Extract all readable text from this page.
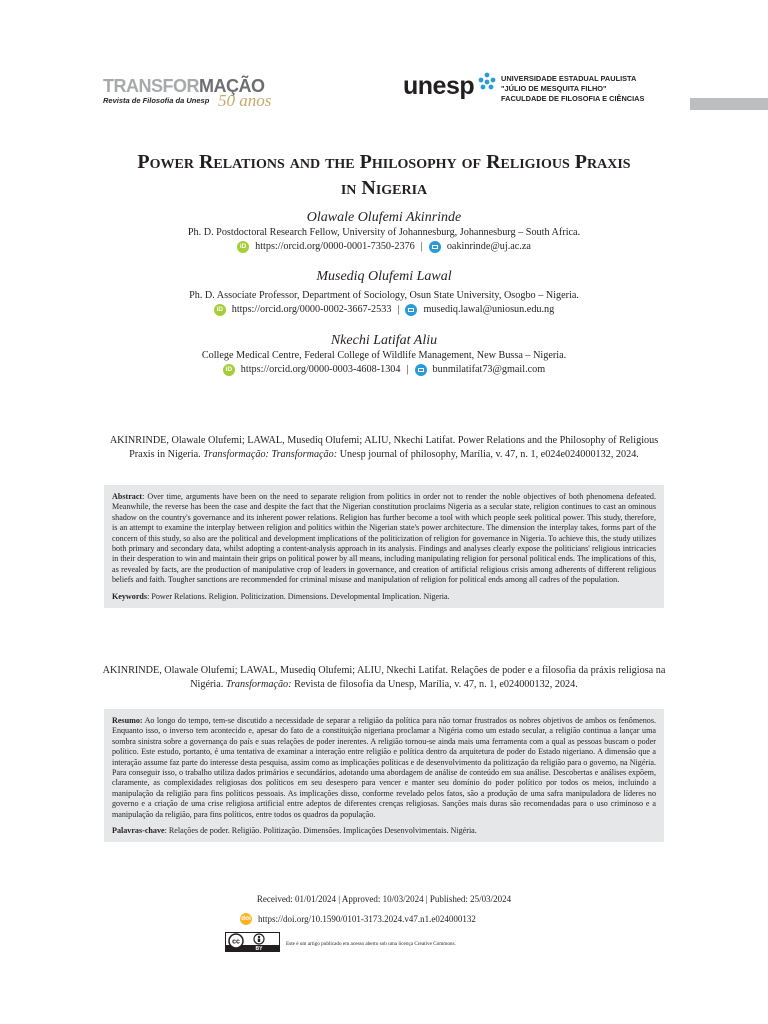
TRANSFORMAÇÃO
Revista de Filosofia da Unesp 50 anos
unesp	UNIVERSIDADE ESTADUAL PAULISTA
"JÚLIO DE MESQUITA FILHO"
FACULDADE DE FILOSOFIA E CIÊNCIAS
Power Relations and the Philosophy of Religious Praxis
in Nigeria
Olawale Olufemi Akinrinde
Ph. D. Postdoctoral Research Fellow, University of Johannesburg, Johannesburg – South Africa.
iD https://orcid.org/0000-0001-7350-2376 | oakinrinde@uj.ac.za
Musediq Olufemi Lawal
Ph. D. Associate Professor, Department of Sociology, Osun State University, Osogbo – Nigeria.
iD https://orcid.org/0000-0002-3667-2533 | musediq.lawal@uniosun.edu.ng
Nkechi Latifat Aliu
College Medical Centre, Federal College of Wildlife Management, New Bussa – Nigeria.
iD https://orcid.org/0000-0003-4608-1304 | bunmilatifat73@gmail.com
AKINRINDE, Olawale Olufemi; LAWAL, Musediq Olufemi; ALIU, Nkechi Latifat. Power Relations and the Philosophy of Religious Praxis in Nigeria. Transformação: Transformação: Unesp journal of philosophy, Marília, v. 47, n. 1, e024e024000132, 2024.
Abstract: Over time, arguments have been on the need to separate religion from politics in order not to render the noble objectives of both phenomena defeated. Meanwhile, the reverse has been the case and despite the fact that the Nigerian constitution proclaims Nigeria as a secular state, religion continues to cast an ominous shadow on the country's governance and its inherent power relations. Religion has further become a tool with which people seek political power. This study, therefore, is an attempt to examine the interplay between religion and politics within the Nigerian state's power architecture. The dimension the interplay takes, forms part of the concern of this study, so also are the political and development implications of the politicization of religion for governance in Nigeria. To achieve this, the study utilizes both primary and secondary data, whilst adopting a content-analysis approach in its analysis. Findings and analyses clearly expose the politicians' religious intricacies in their desperation to win and maintain their grips on political power by all means, including manipulating religion for personal political ends. The implications of this, as revealed by facts, are the production of manipulative crop of leaders in governance, and creation of artificial religious crisis among adherents of different religious beliefs and faith. Tougher sanctions are recommended for criminal misuse and manipulation of religion for political ends among all cadres of the population.
Keywords: Power Relations. Religion. Politicization. Dimensions. Developmental Implication. Nigeria.
AKINRINDE, Olawale Olufemi; LAWAL, Musediq Olufemi; ALIU, Nkechi Latifat. Relações de poder e a filosofia da práxis religiosa na Nigéria. Transformação: Revista de filosofia da Unesp, Marília, v. 47, n. 1, e024000132, 2024.
Resumo: Ao longo do tempo, tem-se discutido a necessidade de separar a religião da política para não tornar frustrados os nobres objetivos de ambos os fenômenos. Enquanto isso, o inverso tem acontecido e, apesar do fato de a constituição nigeriana proclamar a Nigéria como um estado secular, a religião continua a lançar uma sombra sinistra sobre a governança do país e suas relações de poder inerentes. A religião tornou-se ainda mais uma ferramenta com a qual as pessoas buscam o poder político. Este estudo, portanto, é uma tentativa de examinar a interação entre religião e política dentro da arquitetura de poder do Estado nigeriano. A dimensão que a interação assume faz parte do interesse desta pesquisa, assim como as implicações políticas e de desenvolvimento da politização da religião para o governo, na Nigéria. Para conseguir isso, o trabalho utiliza dados primários e secundários, adotando uma abordagem de análise de conteúdo em sua análise. Descobertas e análises expõem, claramente, as complexidades religiosas dos políticos em seu desespero para vencer e manter seu domínio do poder político por todos os meios, incluindo a manipulação da religião para fins políticos pessoais. As implicações disso, conforme revelado pelos fatos, são a produção de uma safra manipuladora de líderes no governo e a criação de uma crise religiosa artificial entre adeptos de diferentes crenças religiosas. Sanções mais duras são recomendadas para o uso criminoso e a manipulação da religião, para fins políticos, entre todos os quadros da população.
Palavras-chave: Relações de poder. Religião. Politização. Dimensões. Implicações Desenvolvimentais. Nigéria.
Received: 01/01/2024 | Approved: 10/03/2024 | Published: 25/03/2024
doi https://doi.org/10.1590/0101-3173.2024.v47.n1.e024000132
cc
BY
Este é um artigo publicado em acesso aberto sob uma licença Creative Commons.
